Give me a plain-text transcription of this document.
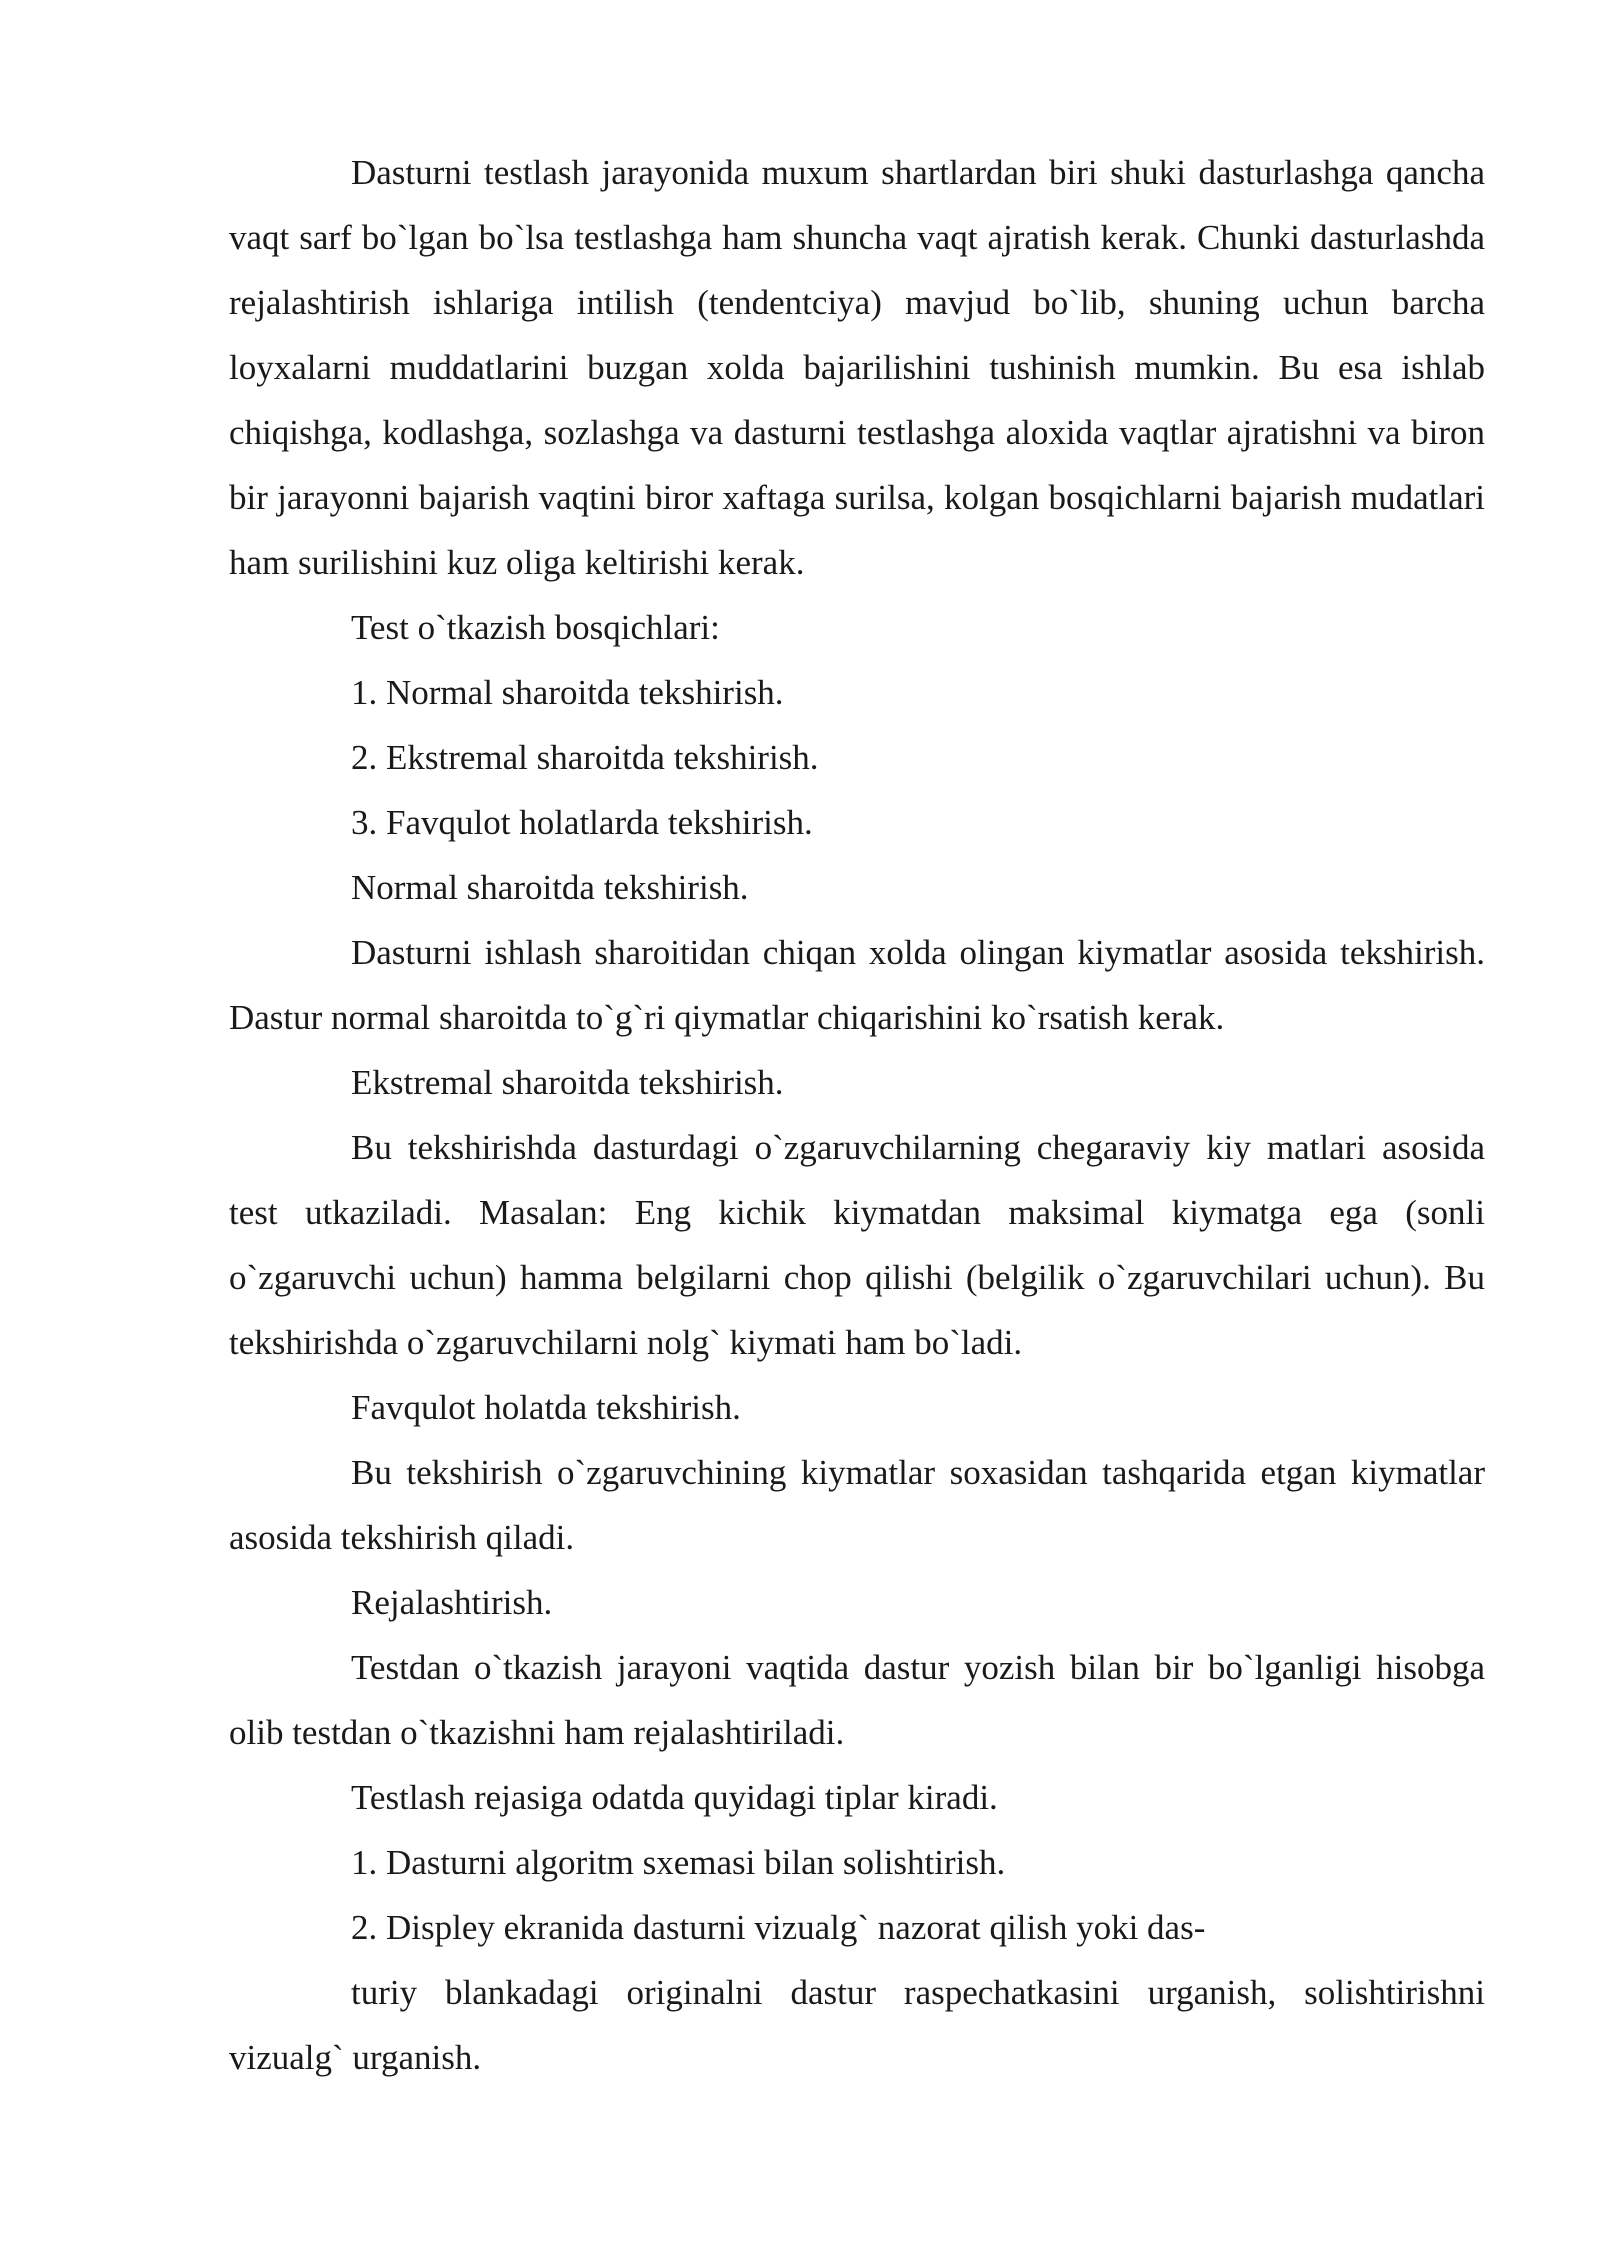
Dasturni testlash jarayonida muxum shartlardan biri shuki dasturlashga qancha vaqt sarf bo`lgan bo`lsa testlashga ham shuncha vaqt ajratish kerak. Chunki dasturlashda rejalashtirish ishlariga intilish (tendentciya) mavjud bo`lib, shuning uchun barcha loyxalarni muddatlarini buzgan xolda bajarilishini tushinish mumkin. Bu esa ishlab chiqishga, kodlashga, sozlashga va dasturni testlashga aloxida vaqtlar ajratishni va biron bir jarayonni bajarish vaqtini biror xaftaga surilsa, kolgan bosqichlarni bajarish mudatlari ham surilishini kuz oliga keltirishi kerak.

Test o`tkazish bosqichlari:

1. Normal sharoitda tekshirish.

2. Ekstremal sharoitda tekshirish.

3. Favqulot holatlarda tekshirish.

Normal sharoitda tekshirish.

Dasturni ishlash sharoitidan chiqan xolda olingan kiymatlar asosida tekshirish. Dastur normal sharoitda to`g`ri qiymatlar chiqarishini ko`rsatish kerak.

Ekstremal sharoitda tekshirish.

Bu tekshirishda dasturdagi o`zgaruvchilarning chegaraviy kiy matlari asosida test utkaziladi. Masalan: Eng kichik kiymatdan maksimal kiymatga ega (sonli o`zgaruvchi uchun) hamma belgilarni chop qilishi (belgilik o`zgaruvchilari uchun). Bu tekshirishda o`zgaruvchilarni nolg` kiymati ham bo`ladi.

Favqulot holatda tekshirish.

Bu tekshirish o`zgaruvchining kiymatlar soxasidan tashqarida etgan kiymatlar asosida tekshirish qiladi.

Rejalashtirish.

Testdan o`tkazish jarayoni vaqtida dastur yozish bilan bir bo`lganligi hisobga olib testdan o`tkazishni ham rejalashtiriladi.

Testlash rejasiga odatda quyidagi tiplar kiradi.

1. Dasturni algoritm sxemasi bilan solishtirish.

2. Displey ekranida dasturni vizualg` nazorat qilish yoki das-

turiy blankadagi originalni dastur raspechatkasini urganish, solishtirishni vizualg` urganish.
